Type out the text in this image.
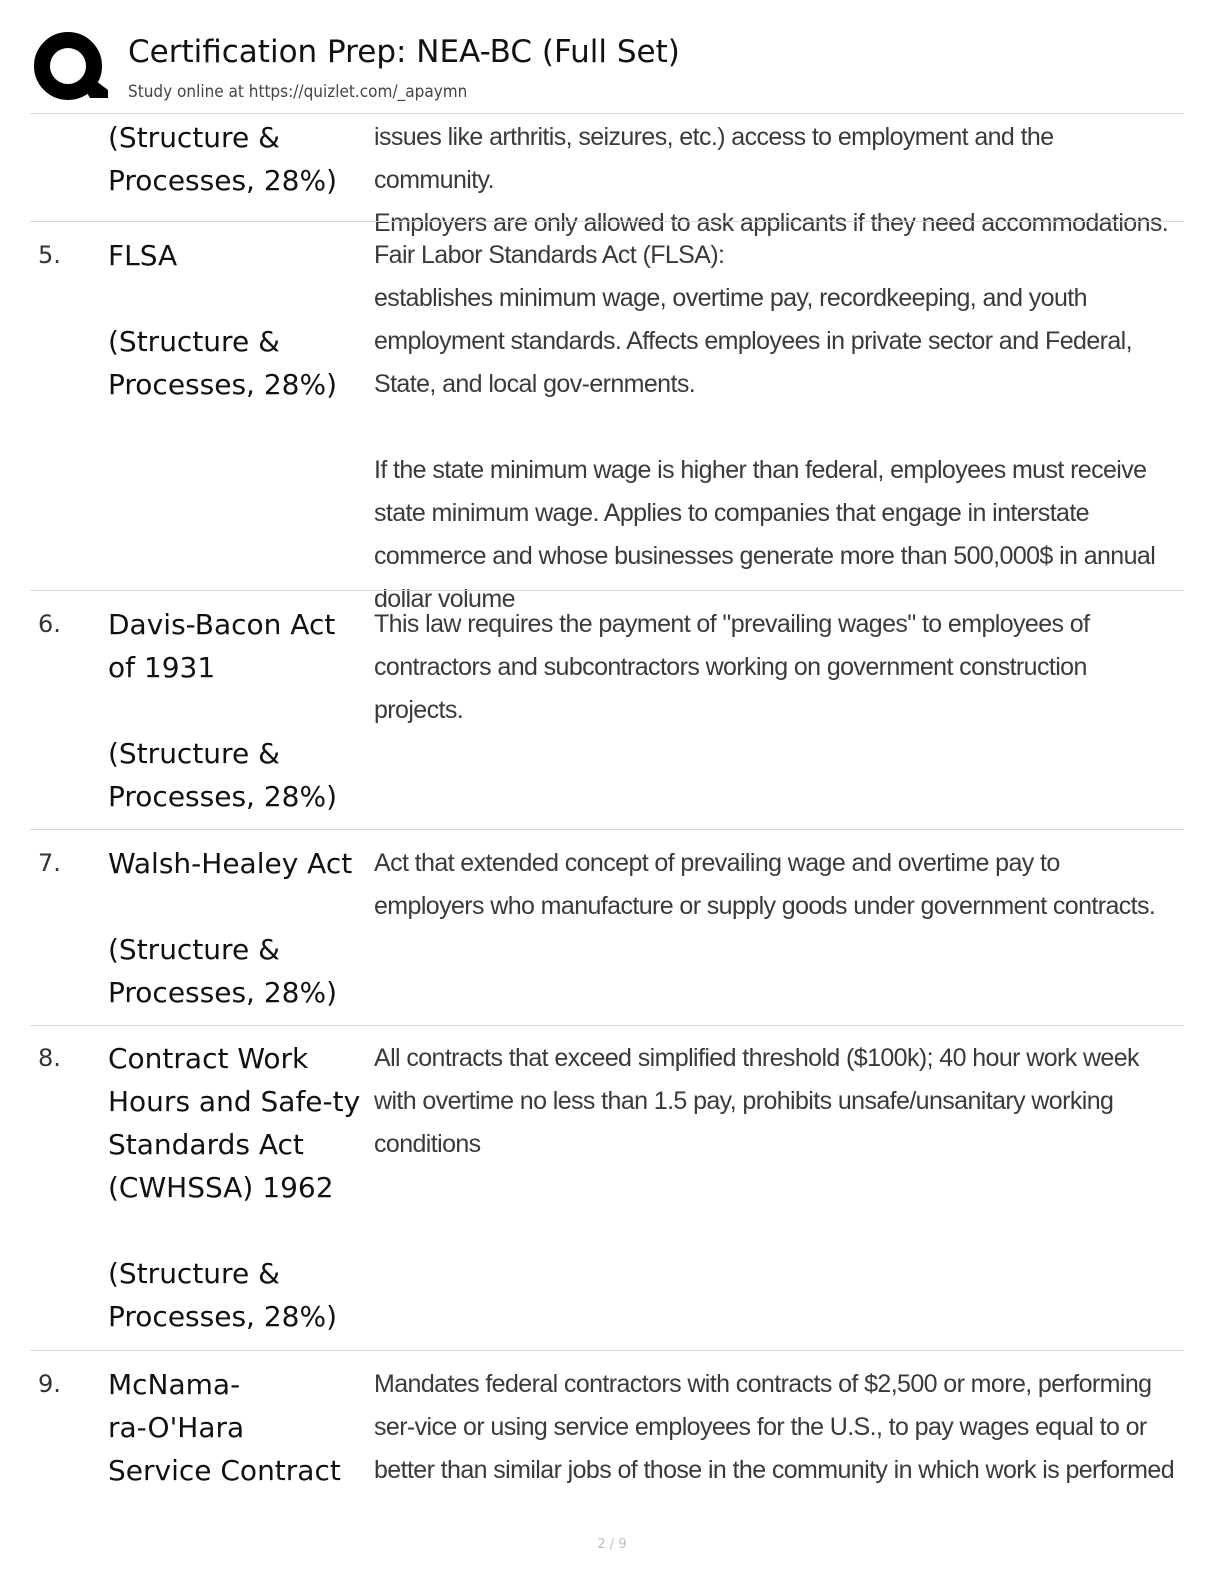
Certification Prep: NEA-BC (Full Set)
Study online at https://quizlet.com/_apaymn
(Structure &
Processes, 28%)
issues like arthritis, seizures, etc.) access to employment and the community.
Employers are only allowed to ask applicants if they need accommodations.
5. FLSA

(Structure &
Processes, 28%)
Fair Labor Standards Act (FLSA):
establishes minimum wage, overtime pay, recordkeeping, and youth employment standards. Affects employees in private sector and Federal, State, and local gov-ernments.

If the state minimum wage is higher than federal, employees must receive state minimum wage. Applies to companies that engage in interstate commerce and whose businesses generate more than 500,000$ in annual dollar volume
6. Davis-Bacon Act of 1931

(Structure &
Processes, 28%)
This law requires the payment of "prevailing wages" to employees of contractors and subcontractors working on government construction projects.
7. Walsh-Healey Act

(Structure &
Processes, 28%)
Act that extended concept of prevailing wage and overtime pay to employers who manufacture or supply goods under government contracts.
8. Contract Work Hours and Safe-ty Standards Act (CWHSSA) 1962

(Structure &
Processes, 28%)
All contracts that exceed simplified threshold ($100k); 40 hour work week with overtime no less than 1.5 pay, prohibits unsafe/unsanitary working conditions
9. McNama-
ra-O'Hara
Service Contract
Mandates federal contractors with contracts of $2,500 or more, performing ser-vice or using service employees for the U.S., to pay wages equal to or better than similar jobs of those in the community in which work is performed
2 / 9
